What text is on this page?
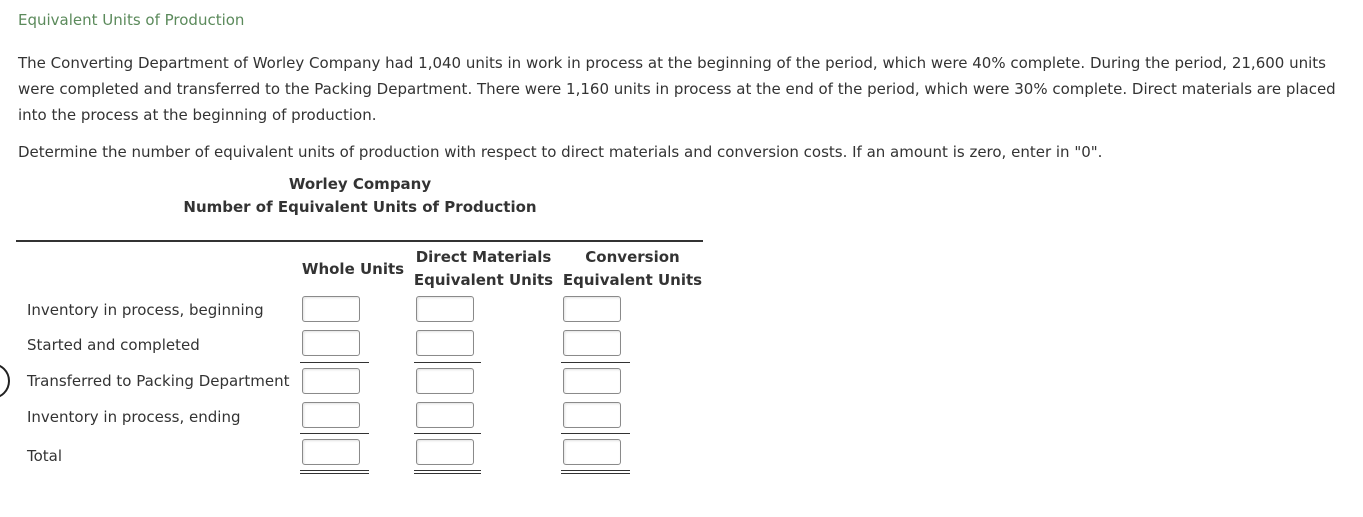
Equivalent Units of Production
The Converting Department of Worley Company had 1,040 units in work in process at the beginning of the period, which were 40% complete. During the period, 21,600 units were completed and transferred to the Packing Department. There were 1,160 units in process at the end of the period, which were 30% complete. Direct materials are placed into the process at the beginning of production.
Determine the number of equivalent units of production with respect to direct materials and conversion costs. If an amount is zero, enter in "0".
Worley Company
Number of Equivalent Units of Production
Whole Units
Direct Materials
Equivalent Units
Conversion
Equivalent Units
Inventory in process, beginning
Started and completed
Transferred to Packing Department
Inventory in process, ending
Total
